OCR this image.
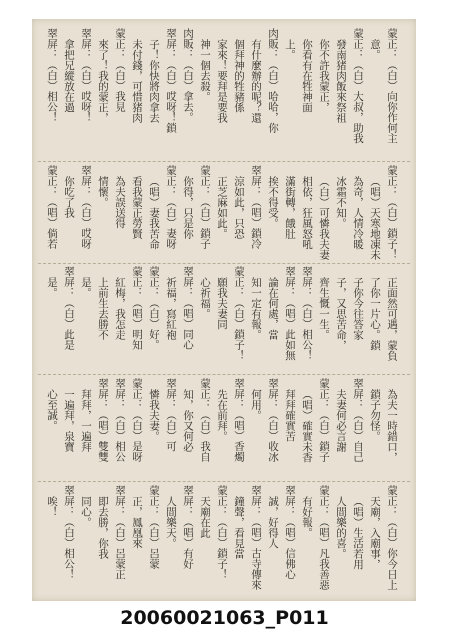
蒙正：（白）向你作何主
意。
蒙正：（白）大叔，助我
發南猪肉飯來祭祖
你不許我蒙正，
你看有在牲神面
上。
肉販：（白）哈哈，你
有什麼辦的呢？還
個拜神的牲豬係
家來！要拜是要我
神一個去殺。
肉販：（白）拿去。
翠屏：（白）哎呀！鎖
子！你快將肉拿去
未付錢，可惜猪肉
蒙正：（白）我見
來了！我的蒙正，
翠屏：（白）哎呀！
拿把兄縱放在過
翠屏：（白）相公！
蒙正：（白）鎖子！
（唱）天寒地凍未
為奇，人情冷暖
冰霜不知。
（白）可憐我夫妻
相依，狂風怒吼
滿街轉，餓肚
挨不得受。
翠屏：（唱）鎖冷
涼如此，只恐
正芝麻如此。
蒙正：（白）鎖子
你得，只是你
蒙正：（白）妻呀
（唱）妻我苦命
看我蒙正勞賢
為夫誤送得
情懷。
翠屏：（白）哎呀
你吃了我
蒙正：（唱）倘若
正面然可遇，蒙負
了你一片心。鎖
子你今往答家
子，又思苦命，
齊生慨一生。
翠屏：（白）相公！
翠屏：（唱）此如無
論在何處，當
知一定有報。
蒙正：（白）鎖子！
願我夫妻同
心祈福。
翠屏：（唱）同心
祈福，寫紅袍
蒙正：（白）好。
蒙正：（唱）明知
紅梅，我怎走
上前生去勝不
是。
翠屏：（白）此是
是。
為夫一時錯口，
鎖子勿怪。
翠屏：（白）自己
夫妻何必言謝
蒙正：（白）鎖子
（唱）確實未香
拜拜確實苦
翠屏：（白）收冰
何用。
翠屏：（唱）香燭
先在前拜。
蒙正：（白）我自
知，你又何必
翠屏：（白）可
憐我夫妻。
蒙正：（白）是呀
翠屏：（白）相公
翠屏：（唱）雙雙
拜拜，一遍拜
一遍拜，泉寶
心至誠。
蒙正：（白）你今日上
天廟，入廟事，
（唱）生活若用
人間樂的喜。
蒙正：（唱）凡我善惡
有好報。
翠屏：（唱）信佛心
誠，好得人
翠屏：（唱）古寺傳來
鐘聲，看見當
蒙正：（白）鎖子！
天廟在此
翠屏：（唱）有好
人間樂天。
蒙正：（白）呂蒙
正，鳳凰來
翠屏：（白）呂蒙正
即去勝，你我
同心。
翠屏：（白）相公！
唉！
20060021063_P011
